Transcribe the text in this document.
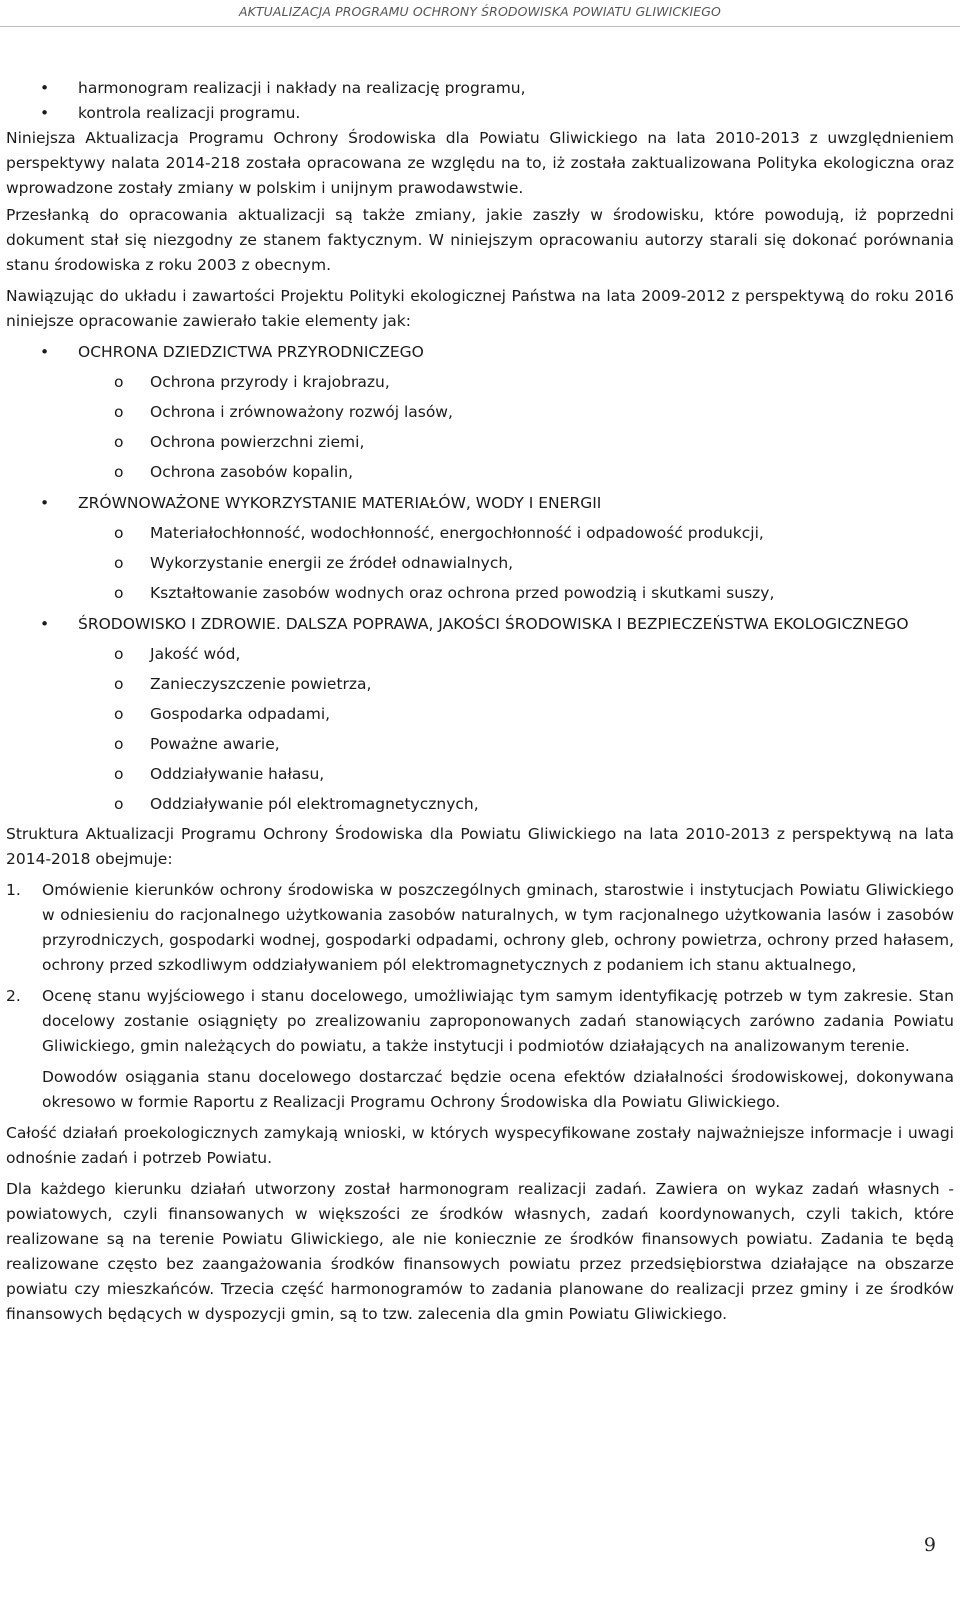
AKTUALIZACJA PROGRAMU OCHRONY ŚRODOWISKA POWIATU GLIWICKIEGO
• harmonogram realizacji i nakłady na realizację programu,
• kontrola realizacji programu.

Niniejsza Aktualizacja Programu Ochrony Środowiska dla Powiatu Gliwickiego na lata 2010-2013 z uwzględnieniem perspektywy nalata 2014-218 została opracowana ze względu na to, iż została zaktualizowana Polityka ekologiczna oraz wprowadzone zostały zmiany w polskim i unijnym prawodawstwie.

Przesłanką do opracowania aktualizacji są także zmiany, jakie zaszły w środowisku, które powodują, iż poprzedni dokument stał się niezgodny ze stanem faktycznym. W niniejszym opracowaniu autorzy starali się dokonać porównania stanu środowiska z roku 2003 z obecnym.

Nawiązując do układu i zawartości Projektu Polityki ekologicznej Państwa na lata 2009-2012 z perspektywą do roku 2016 niniejsze opracowanie zawierało takie elementy jak:

• OCHRONA DZIEDZICTWA PRZYRODNICZEGO
o Ochrona przyrody i krajobrazu,
o Ochrona i zrównoważony rozwój lasów,
o Ochrona powierzchni ziemi,
o Ochrona zasobów kopalin,
• ZRÓWNOWAŻONE WYKORZYSTANIE MATERIAŁÓW, WODY I ENERGII
o Materiałochłonność, wodochłonność, energochłonność i odpadowość produkcji,
o Wykorzystanie energii ze źródeł odnawialnych,
o Kształtowanie zasobów wodnych oraz ochrona przed powodzią i skutkami suszy,
• ŚRODOWISKO I ZDROWIE. DALSZA POPRAWA, JAKOŚCI ŚRODOWISKA I BEZPIECZEŃSTWA EKOLOGICZNEGO
o Jakość wód,
o Zanieczyszczenie powietrza,
o Gospodarka odpadami,
o Poważne awarie,
o Oddziaływanie hałasu,
o Oddziaływanie pól elektromagnetycznych,

Struktura Aktualizacji Programu Ochrony Środowiska dla Powiatu Gliwickiego na lata 2010-2013 z perspektywą na lata 2014-2018 obejmuje:

1. Omówienie kierunków ochrony środowiska w poszczególnych gminach, starostwie i instytucjach Powiatu Gliwickiego w odniesieniu do racjonalnego użytkowania zasobów naturalnych, w tym racjonalnego użytkowania lasów i zasobów przyrodniczych, gospodarki wodnej, gospodarki odpadami, ochrony gleb, ochrony powietrza, ochrony przed hałasem, ochrony przed szkodliwym oddziaływaniem pól elektromagnetycznych z podaniem ich stanu aktualnego,

2. Ocenę stanu wyjściowego i stanu docelowego, umożliwiając tym samym identyfikację potrzeb w tym zakresie. Stan docelowy zostanie osiągnięty po zrealizowaniu zaproponowanych zadań stanowiących zarówno zadania Powiatu Gliwickiego, gmin należących do powiatu, a także instytucji i podmiotów działających na analizowanym terenie.

Dowodów osiągania stanu docelowego dostarczać będzie ocena efektów działalności środowiskowej, dokonywana okresowo w formie Raportu z Realizacji Programu Ochrony Środowiska dla Powiatu Gliwickiego.

Całość działań proekologicznych zamykają wnioski, w których wyspecyfikowane zostały najważniejsze informacje i uwagi odnośnie zadań i potrzeb Powiatu.

Dla każdego kierunku działań utworzony został harmonogram realizacji zadań. Zawiera on wykaz zadań własnych - powiatowych, czyli finansowanych w większości ze środków własnych, zadań koordynowanych, czyli takich, które realizowane są na terenie Powiatu Gliwickiego, ale nie koniecznie ze środków finansowych powiatu. Zadania te będą realizowane często bez zaangażowania środków finansowych powiatu przez przedsiębiorstwa działające na obszarze powiatu czy mieszkańców. Trzecia część harmonogramów to zadania planowane do realizacji przez gminy i ze środków finansowych będących w dyspozycji gmin, są to tzw. zalecenia dla gmin Powiatu Gliwickiego.

9
